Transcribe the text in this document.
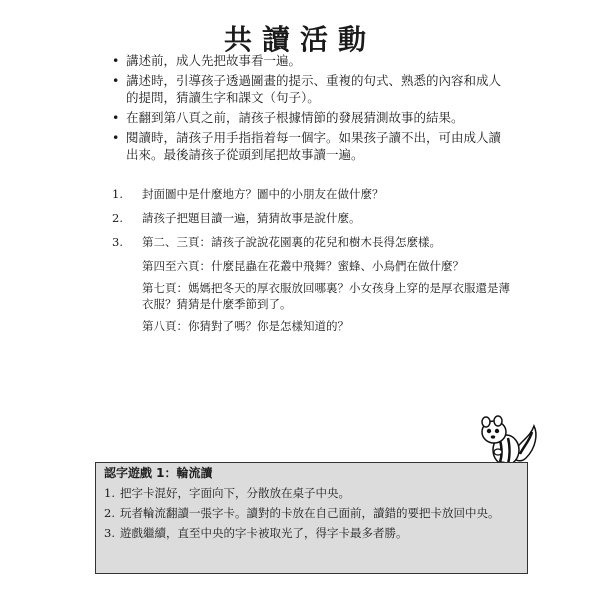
共讀活動
• 講述前，成人先把故事看一遍。
• 講述時，引導孩子透過圖畫的提示、重複的句式、熟悉的內容和成人的提問，猜讀生字和課文（句子）。
• 在翻到第八頁之前，請孩子根據情節的發展猜測故事的結果。
• 閱讀時，請孩子用手指指着每一個字。如果孩子讀不出，可由成人讀出來。最後請孩子從頭到尾把故事讀一遍。
1. 封面圖中是什麼地方？圖中的小朋友在做什麼？
2. 請孩子把題目讀一遍，猜猜故事是說什麼。
3. 第二、三頁：請孩子說說花園裏的花兒和樹木長得怎麼樣。
第四至六頁：什麼昆蟲在花叢中飛舞？蜜蜂、小鳥們在做什麼？
第七頁：媽媽把冬天的厚衣服放回哪裏？小女孩身上穿的是厚衣服還是薄衣服？猜猜是什麼季節到了。
第八頁：你猜對了嗎？你是怎樣知道的？
認字遊戲 1：輪流讀
1. 把字卡混好，字面向下，分散放在桌子中央。
2. 玩者輪流翻讀一張字卡。讀對的卡放在自己面前，讀錯的要把卡放回中央。
3. 遊戲繼續，直至中央的字卡被取光了，得字卡最多者勝。
